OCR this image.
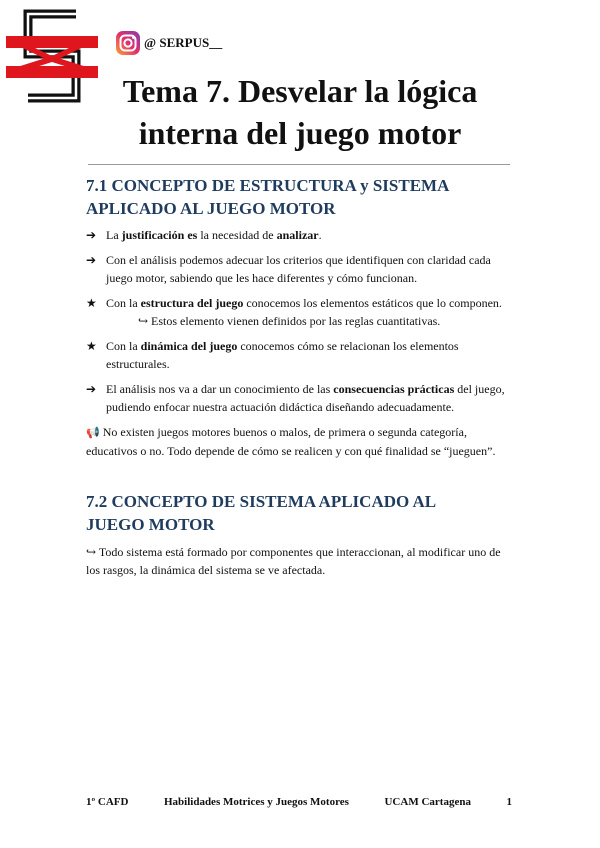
@ SERPUS__
Tema 7. Desvelar la lógica
interna del juego motor
7.1 CONCEPTO DE ESTRUCTURA y SISTEMA
APLICADO AL JUEGO MOTOR
➔ La justificación es la necesidad de analizar.
➔ Con el análisis podemos adecuar los criterios que identifiquen con claridad cada juego motor, sabiendo que les hace diferentes y cómo funcionan.
★ Con la estructura del juego conocemos los elementos estáticos que lo componen.
↪ Estos elemento vienen definidos por las reglas cuantitativas.
★ Con la dinámica del juego conocemos cómo se relacionan los elementos estructurales.
➔ El análisis nos va a dar un conocimiento de las consecuencias prácticas del juego, pudiendo enfocar nuestra actuación didáctica diseñando adecuadamente.

📢 No existen juegos motores buenos o malos, de primera o segunda categoría, educativos o no. Todo depende de cómo se realicen y con qué finalidad se “jueguen”.

7.2 CONCEPTO DE SISTEMA APLICADO AL
JUEGO MOTOR

↪ Todo sistema está formado por componentes que interaccionan, al modificar uno de los rasgos, la dinámica del sistema se ve afectada.

1º CAFD	Habilidades Motrices y Juegos Motores	UCAM Cartagena	1
